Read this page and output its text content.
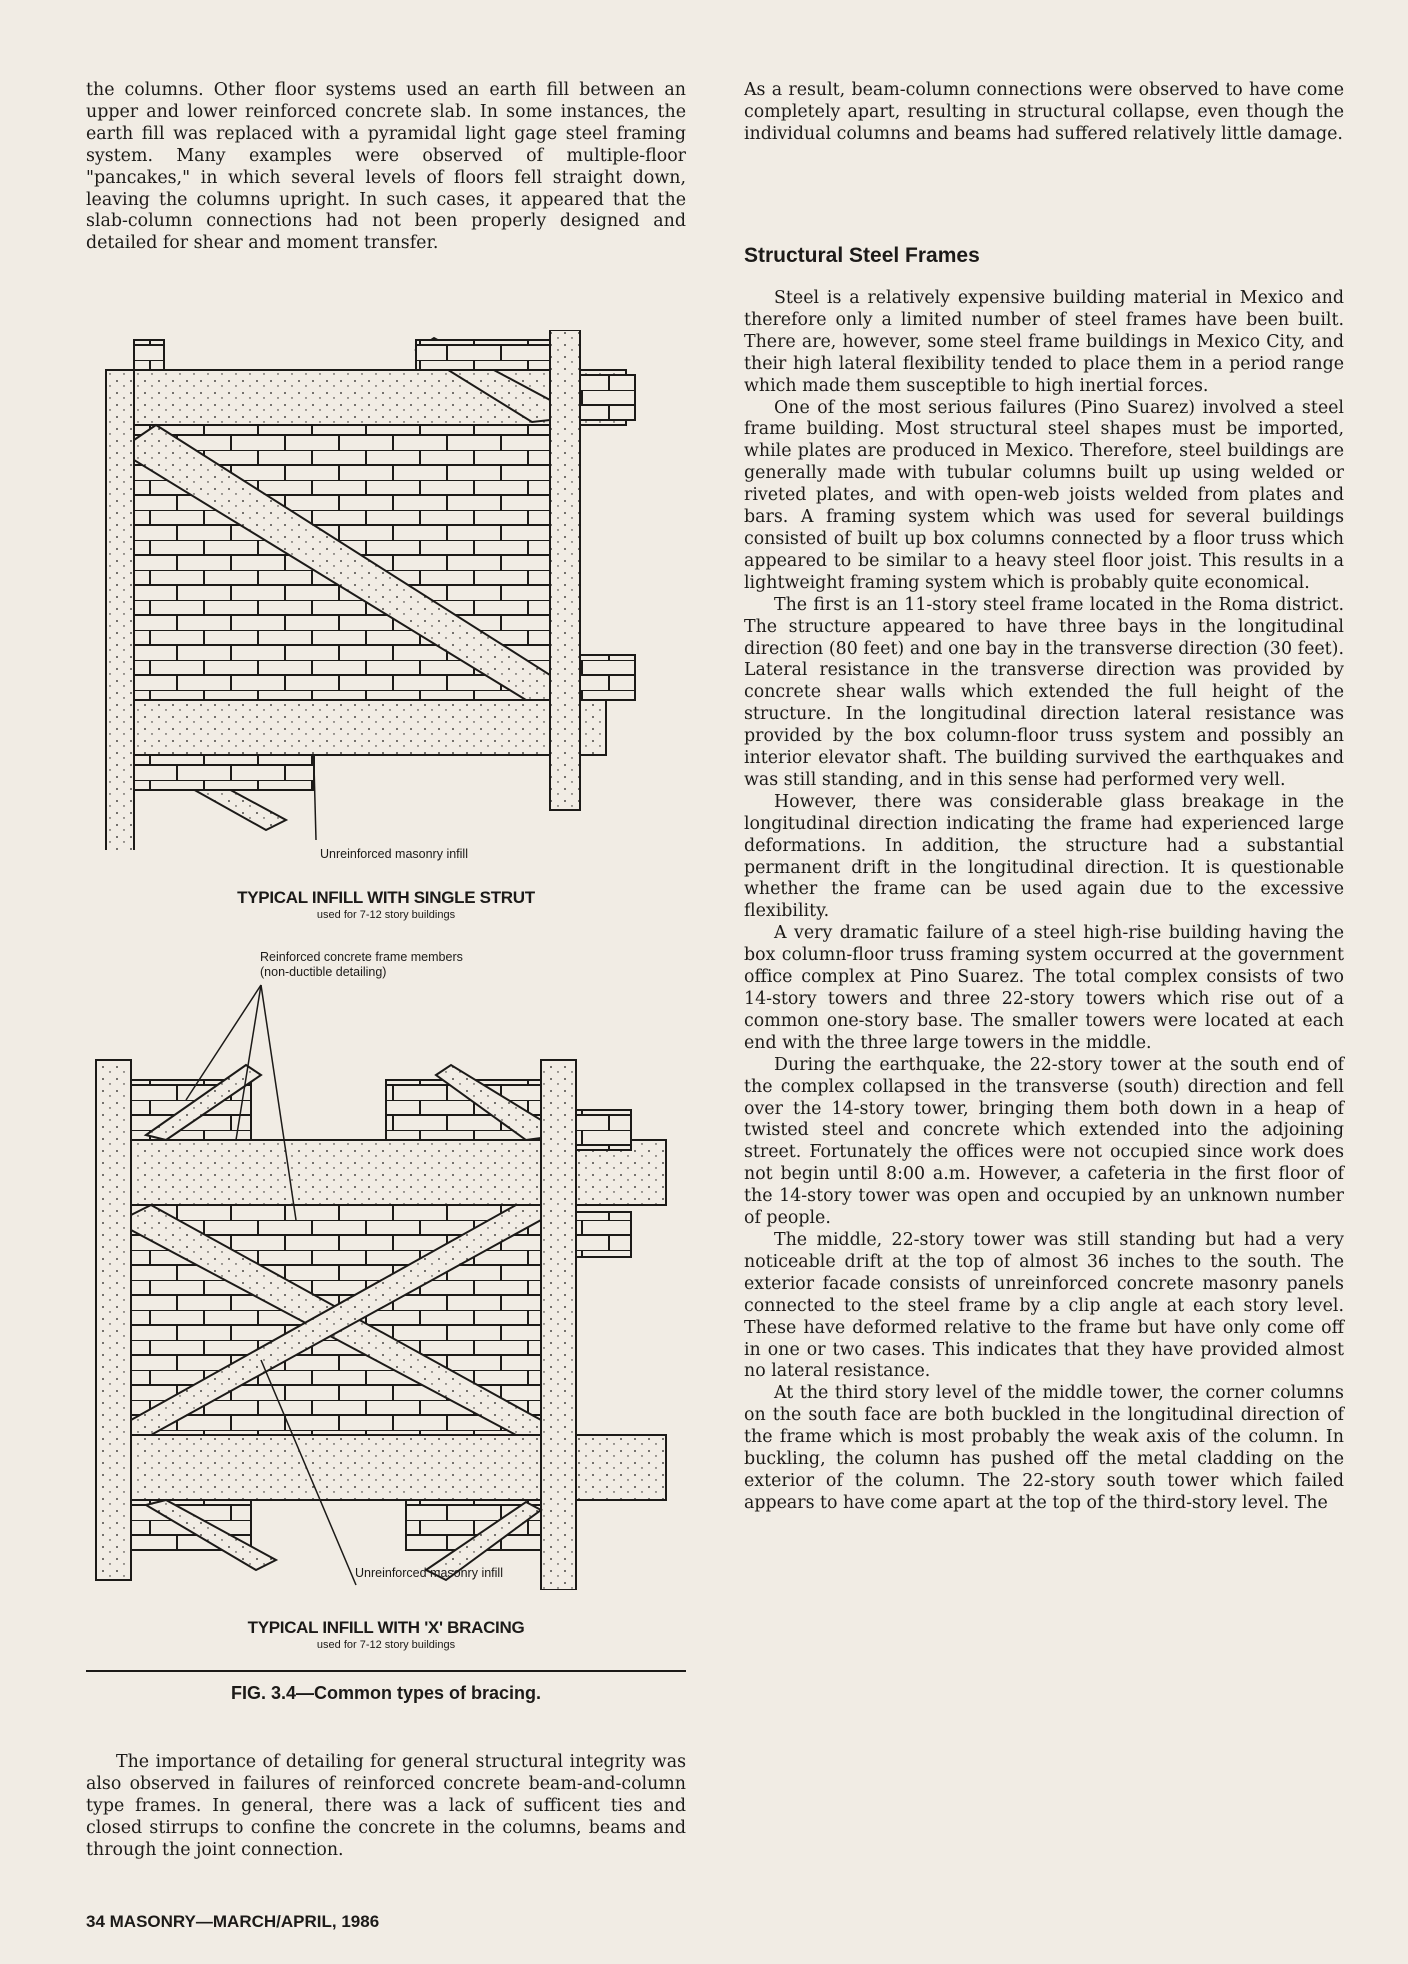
the columns. Other floor systems used an earth fill between an upper and lower reinforced concrete slab. In some instances, the earth fill was replaced with a pyramidal light gage steel framing system. Many examples were observed of multiple-floor "pancakes," in which several levels of floors fell straight down, leaving the columns upright. In such cases, it appeared that the slab-column connections had not been properly designed and detailed for shear and moment transfer.

Unreinforced masonry infill
TYPICAL INFILL WITH SINGLE STRUT
used for 7-12 story buildings
Reinforced concrete frame members
(non-ductible detailing)
Unreinforced masonry infill
TYPICAL INFILL WITH 'X' BRACING
used for 7-12 story buildings
FIG. 3.4—Common types of bracing.

The importance of detailing for general structural integrity was also observed in failures of reinforced concrete beam-and-column type frames. In general, there was a lack of sufficent ties and closed stirrups to confine the concrete in the columns, beams and through the joint connection.

As a result, beam-column connections were observed to have come completely apart, resulting in structural collapse, even though the individual columns and beams had suffered relatively little damage.

Structural Steel Frames

Steel is a relatively expensive building material in Mexico and therefore only a limited number of steel frames have been built. There are, however, some steel frame buildings in Mexico City, and their high lateral flexibility tended to place them in a period range which made them susceptible to high inertial forces.

One of the most serious failures (Pino Suarez) involved a steel frame building. Most structural steel shapes must be imported, while plates are produced in Mexico. Therefore, steel buildings are generally made with tubular columns built up using welded or riveted plates, and with open-web joists welded from plates and bars. A framing system which was used for several buildings consisted of built up box columns connected by a floor truss which appeared to be similar to a heavy steel floor joist. This results in a lightweight framing system which is probably quite economical.

The first is an 11-story steel frame located in the Roma district. The structure appeared to have three bays in the longitudinal direction (80 feet) and one bay in the transverse direction (30 feet). Lateral resistance in the transverse direction was provided by concrete shear walls which extended the full height of the structure. In the longitudinal direction lateral resistance was provided by the box column-floor truss system and possibly an interior elevator shaft. The building survived the earthquakes and was still standing, and in this sense had performed very well.

However, there was considerable glass breakage in the longitudinal direction indicating the frame had experienced large deformations. In addition, the structure had a substantial permanent drift in the longitudinal direction. It is questionable whether the frame can be used again due to the excessive flexibility.

A very dramatic failure of a steel high-rise building having the box column-floor truss framing system occurred at the government office complex at Pino Suarez. The total complex consists of two 14-story towers and three 22-story towers which rise out of a common one-story base. The smaller towers were located at each end with the three large towers in the middle.

During the earthquake, the 22-story tower at the south end of the complex collapsed in the transverse (south) direction and fell over the 14-story tower, bringing them both down in a heap of twisted steel and concrete which extended into the adjoining street. Fortunately the offices were not occupied since work does not begin until 8:00 a.m. However, a cafeteria in the first floor of the 14-story tower was open and occupied by an unknown number of people.

The middle, 22-story tower was still standing but had a very noticeable drift at the top of almost 36 inches to the south. The exterior facade consists of unreinforced concrete masonry panels connected to the steel frame by a clip angle at each story level. These have deformed relative to the frame but have only come off in one or two cases. This indicates that they have provided almost no lateral resistance.

At the third story level of the middle tower, the corner columns on the south face are both buckled in the longitudinal direction of the frame which is most probably the weak axis of the column. In buckling, the column has pushed off the metal cladding on the exterior of the column. The 22-story south tower which failed appears to have come apart at the top of the third-story level. The

34 MASONRY—MARCH/APRIL, 1986
